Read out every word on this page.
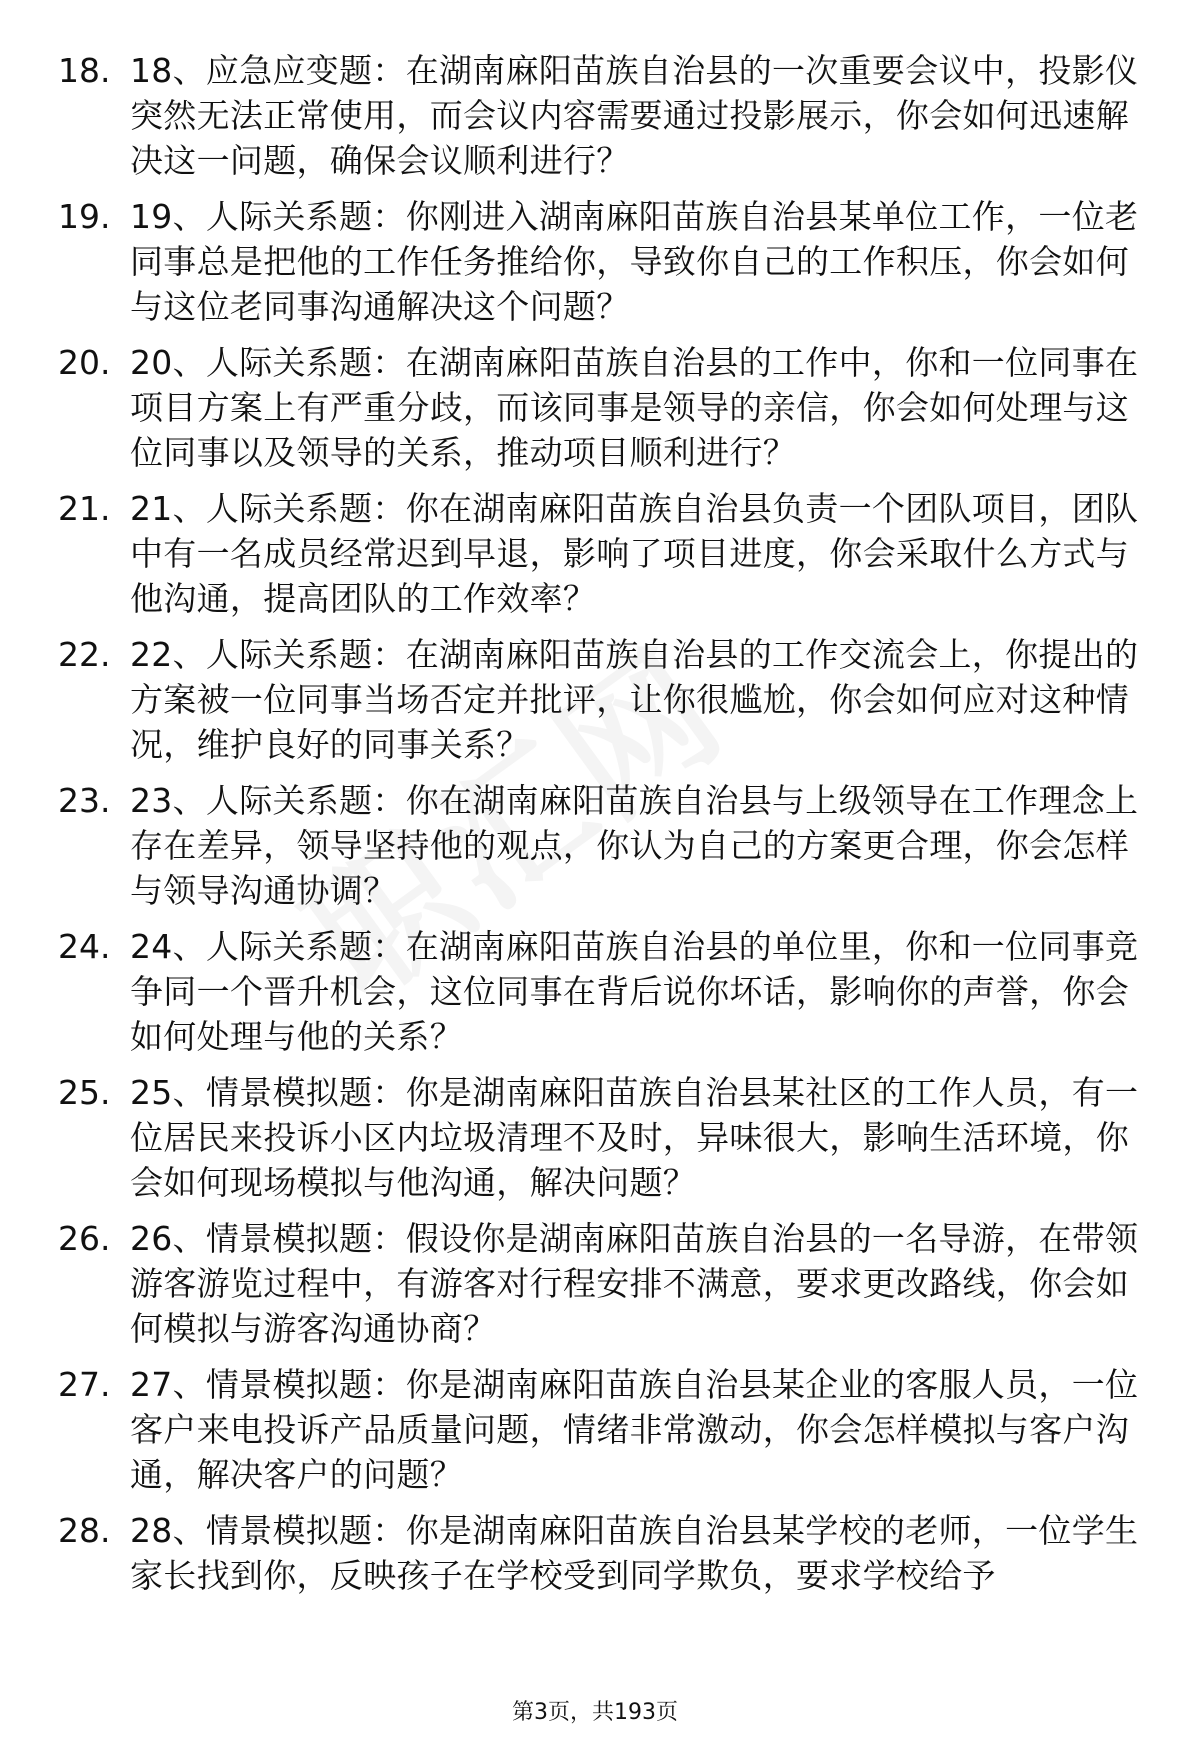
18. 18、应急应变题：在湖南麻阳苗族自治县的一次重要会议中，投影仪突然无法正常使用，而会议内容需要通过投影展示，你会如何迅速解决这一问题，确保会议顺利进行？
19. 19、人际关系题：你刚进入湖南麻阳苗族自治县某单位工作，一位老同事总是把他的工作任务推给你，导致你自己的工作积压，你会如何与这位老同事沟通解决这个问题？
20. 20、人际关系题：在湖南麻阳苗族自治县的工作中，你和一位同事在项目方案上有严重分歧，而该同事是领导的亲信，你会如何处理与这位同事以及领导的关系，推动项目顺利进行？
21. 21、人际关系题：你在湖南麻阳苗族自治县负责一个团队项目，团队中有一名成员经常迟到早退，影响了项目进度，你会采取什么方式与他沟通，提高团队的工作效率？
22. 22、人际关系题：在湖南麻阳苗族自治县的工作交流会上，你提出的方案被一位同事当场否定并批评，让你很尴尬，你会如何应对这种情况，维护良好的同事关系？
23. 23、人际关系题：你在湖南麻阳苗族自治县与上级领导在工作理念上存在差异，领导坚持他的观点，你认为自己的方案更合理，你会怎样与领导沟通协调？
24. 24、人际关系题：在湖南麻阳苗族自治县的单位里，你和一位同事竞争同一个晋升机会，这位同事在背后说你坏话，影响你的声誉，你会如何处理与他的关系？
25. 25、情景模拟题：你是湖南麻阳苗族自治县某社区的工作人员，有一位居民来投诉小区内垃圾清理不及时，异味很大，影响生活环境，你会如何现场模拟与他沟通，解决问题？
26. 26、情景模拟题：假设你是湖南麻阳苗族自治县的一名导游，在带领游客游览过程中，有游客对行程安排不满意，要求更改路线，你会如何模拟与游客沟通协商？
27. 27、情景模拟题：你是湖南麻阳苗族自治县某企业的客服人员，一位客户来电投诉产品质量问题，情绪非常激动，你会怎样模拟与客户沟通，解决客户的问题？
28. 28、情景模拟题：你是湖南麻阳苗族自治县某学校的老师，一位学生家长找到你，反映孩子在学校受到同学欺负，要求学校给予
第3页，共193页
